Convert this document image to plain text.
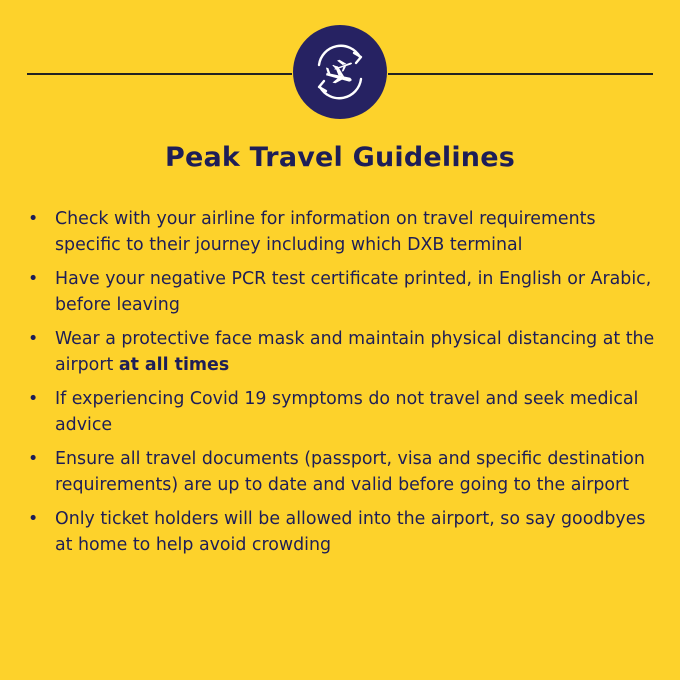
Peak Travel Guidelines
• Check with your airline for information on travel requirements specific to their journey including which DXB terminal
• Have your negative PCR test certificate printed, in English or Arabic, before leaving
• Wear a protective face mask and maintain physical distancing at the airport at all times
• If experiencing Covid 19 symptoms do not travel and seek medical advice
• Ensure all travel documents (passport, visa and specific destination requirements) are up to date and valid before going to the airport
• Only ticket holders will be allowed into the airport, so say goodbyes at home to help avoid crowding
